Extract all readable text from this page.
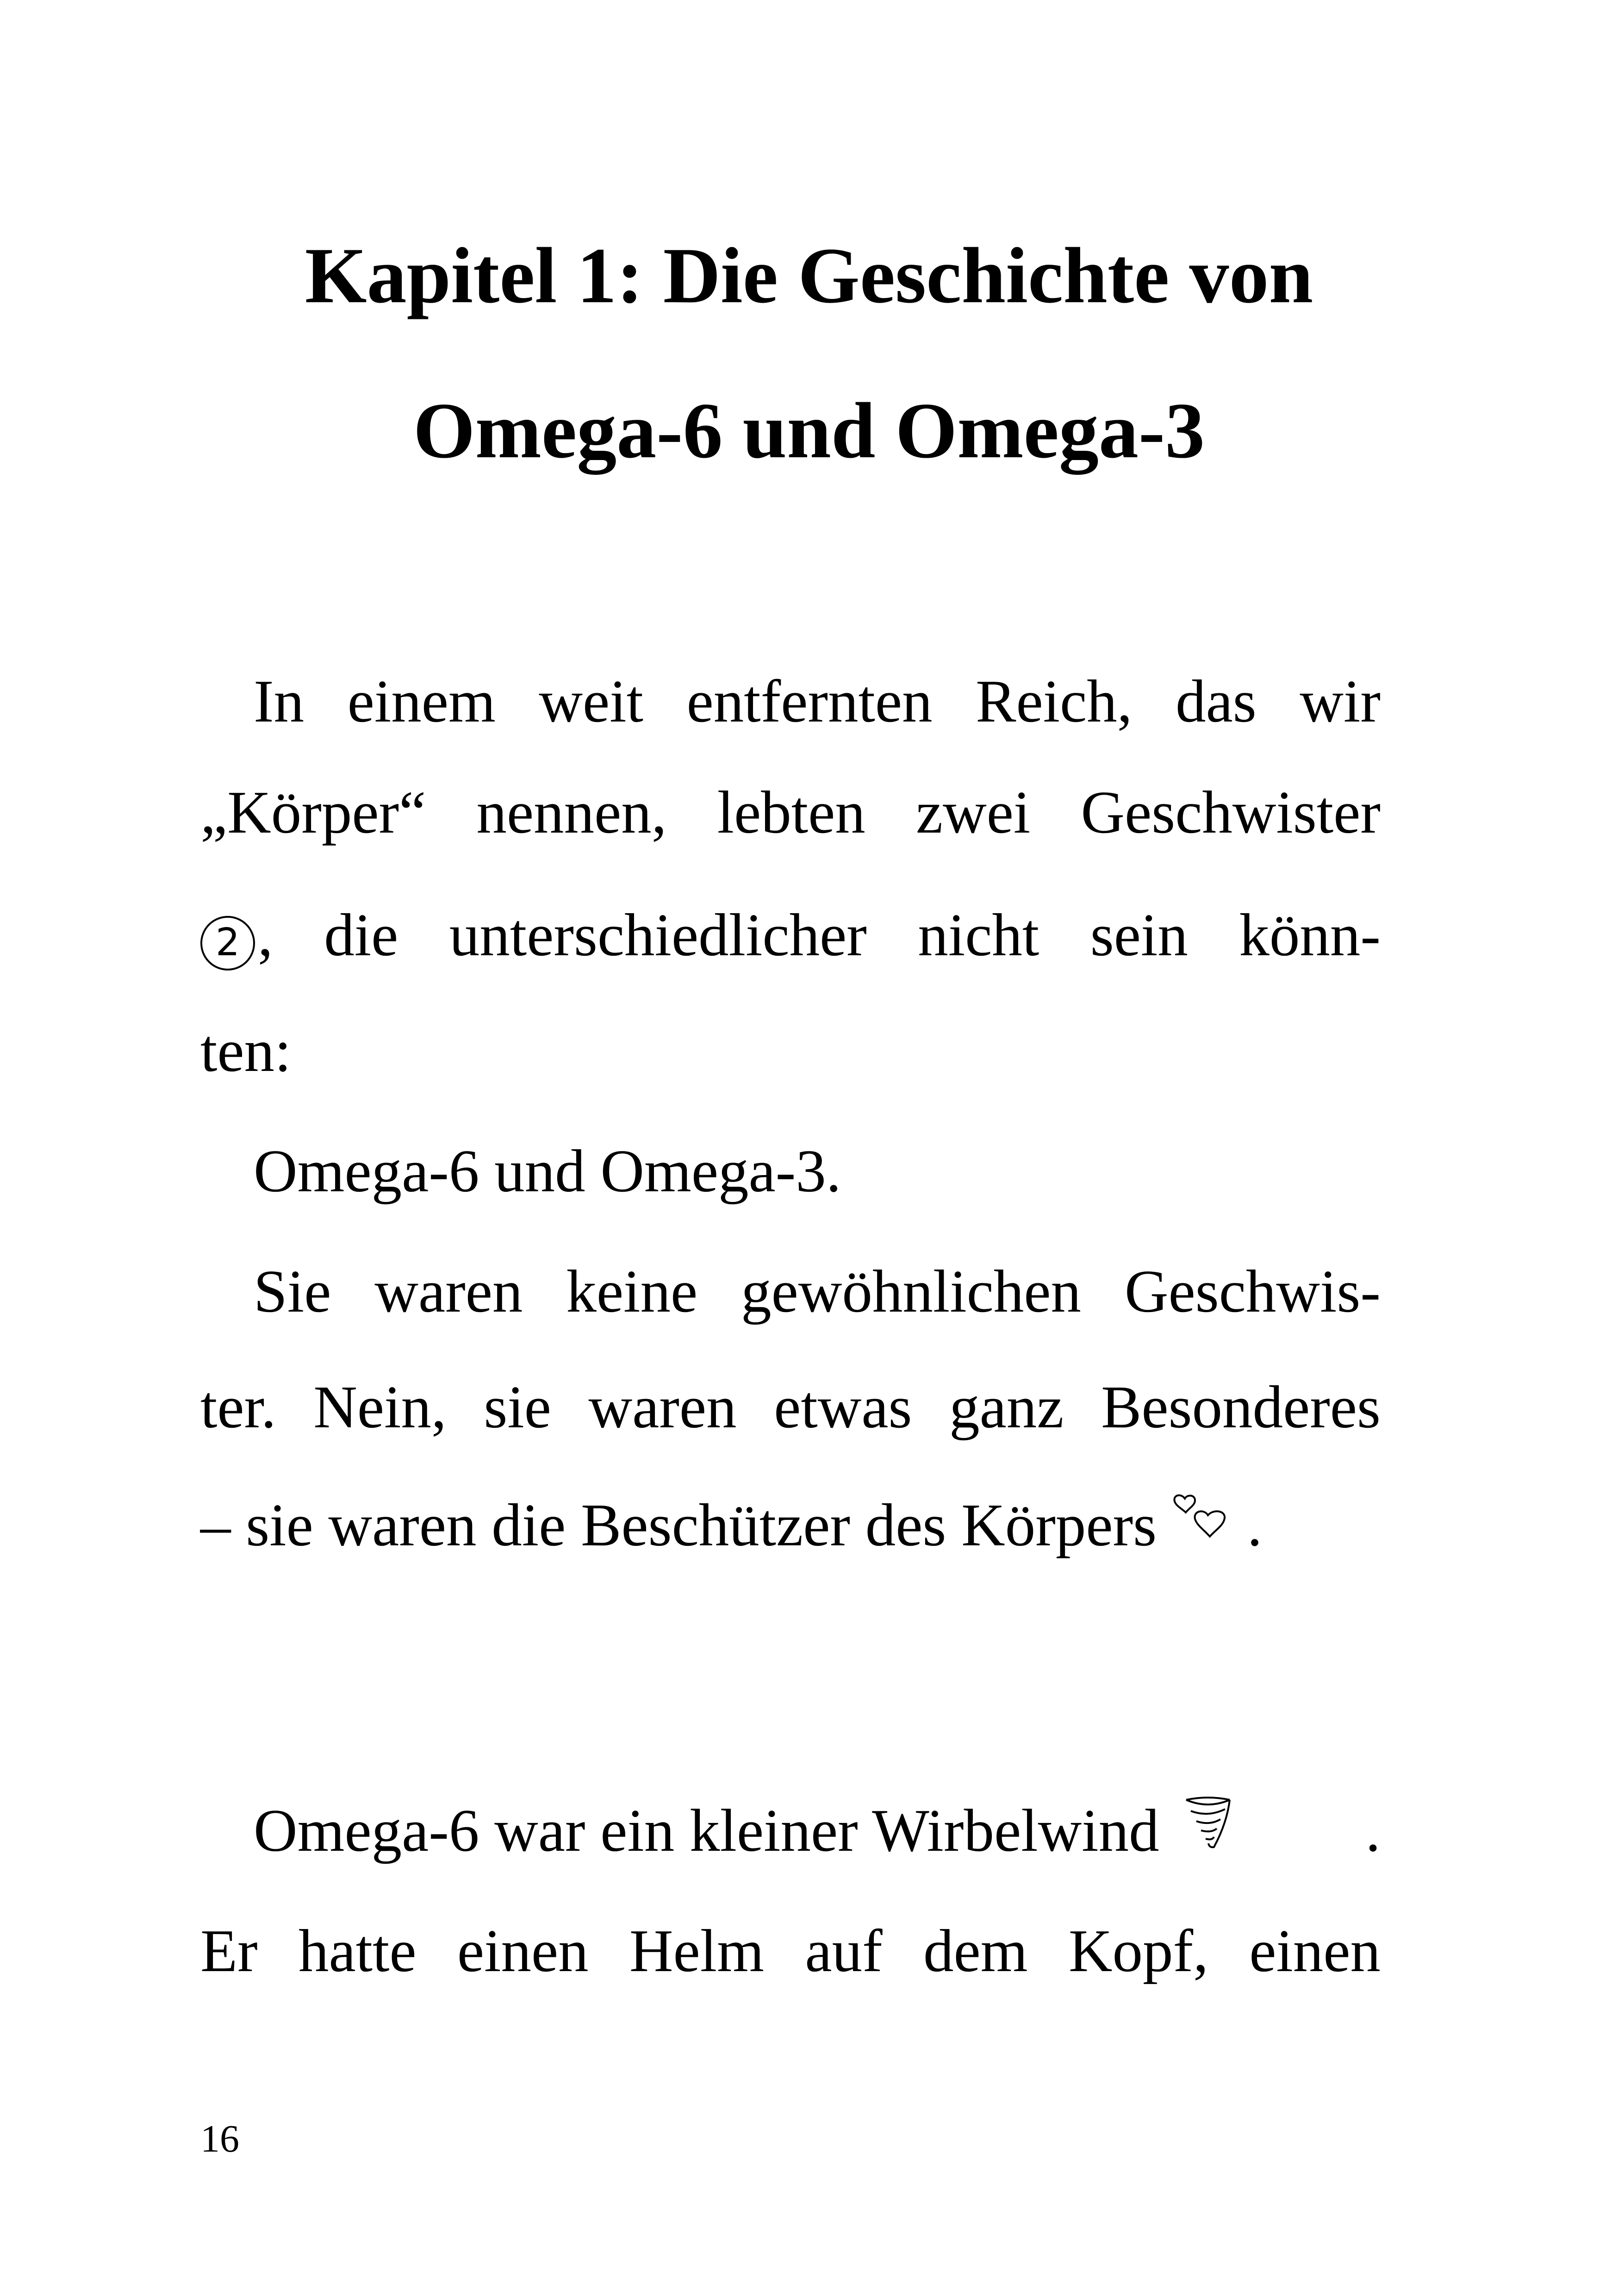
Kapitel 1: Die Geschichte von
Omega-6 und Omega-3
In einem weit entfernten Reich, das wir
„Körper“ nennen, lebten zwei Geschwister
2 , die unterschiedlicher nicht sein könn-
ten:
Omega-6 und Omega-3.
Sie waren keine gewöhnlichen Geschwis-
ter. Nein, sie waren etwas ganz Besonderes
– sie waren die Beschützer des Körpers .
Omega-6 war ein kleiner Wirbelwind	.
Er hatte einen Helm auf dem Kopf, einen
16
